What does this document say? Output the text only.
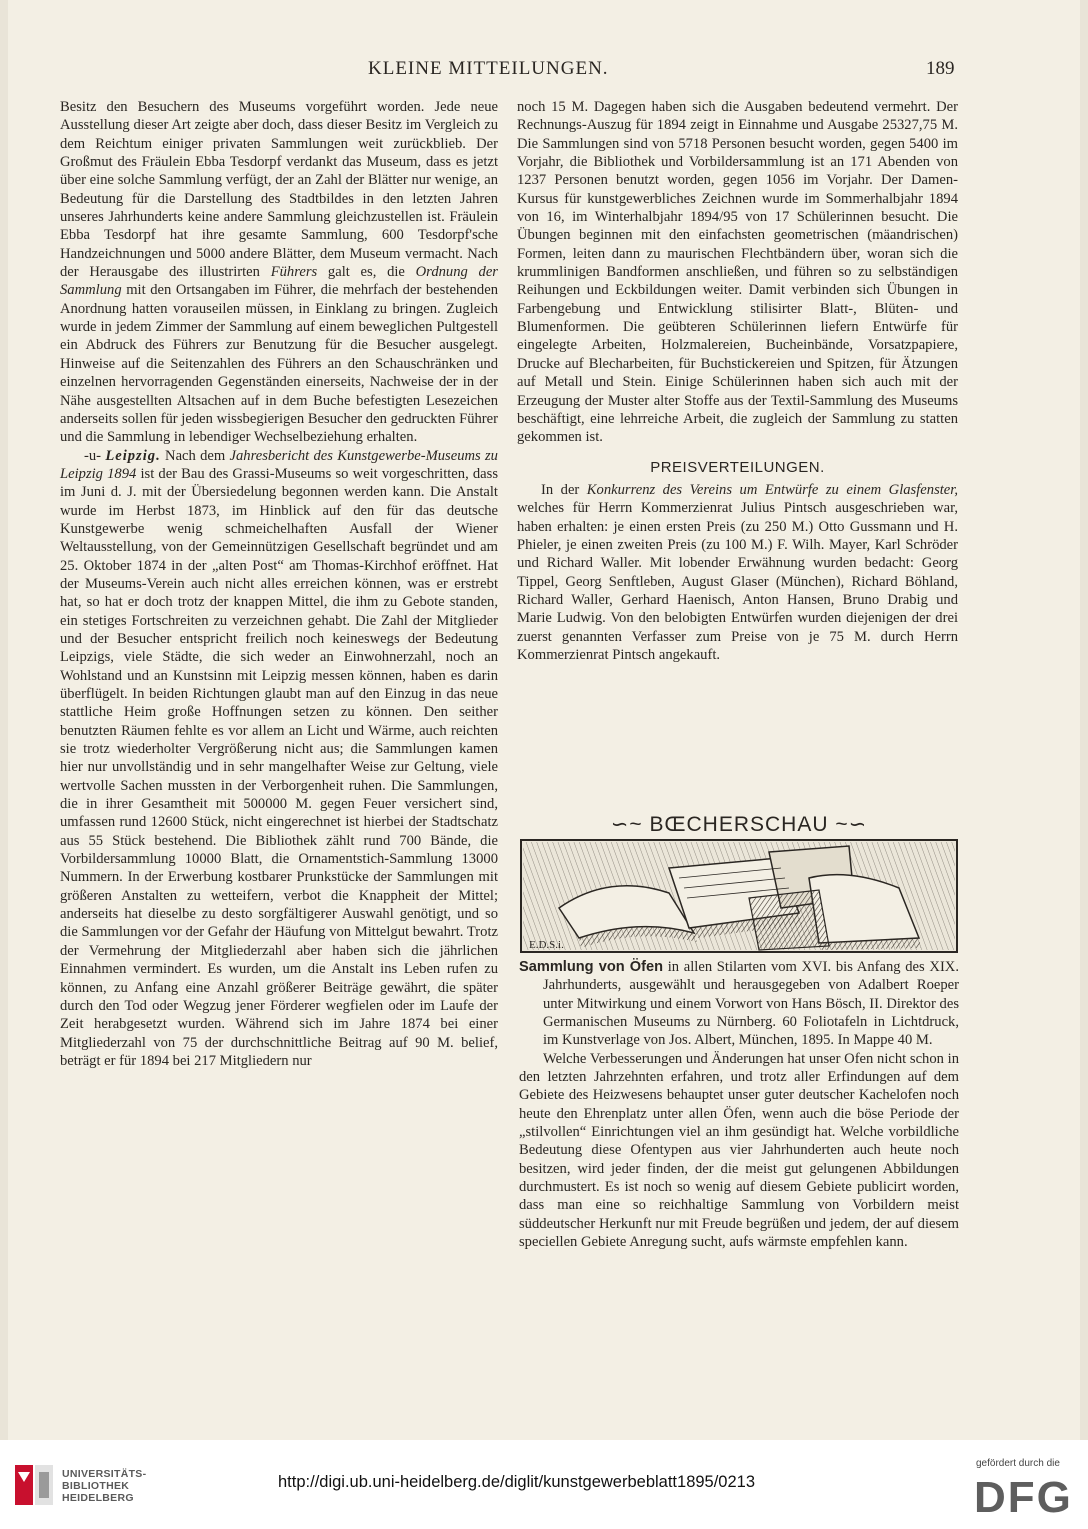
KLEINE MITTEILUNGEN.	189

Besitz den Besuchern des Museums vorgeführt worden. Jede neue Ausstellung dieser Art zeigte aber doch, dass dieser Besitz im Vergleich zu dem Reichtum einiger privaten Sammlungen weit zurückblieb. Der Großmut des Fräulein Ebba Tesdorpf verdankt das Museum, dass es jetzt über eine solche Sammlung verfügt, der an Zahl der Blätter nur wenige, an Bedeutung für die Darstellung des Stadtbildes in den letzten Jahren unseres Jahrhunderts keine andere Sammlung gleichzustellen ist. Fräulein Ebba Tesdorpf hat ihre gesamte Sammlung, 600 Tesdorpf'sche Handzeichnungen und 5000 andere Blätter, dem Museum vermacht. Nach der Herausgabe des illustrirten Führers galt es, die Ordnung der Sammlung mit den Ortsangaben im Führer, die mehrfach der bestehenden Anordnung hatten vorauseilen müssen, in Einklang zu bringen. Zugleich wurde in jedem Zimmer der Sammlung auf einem beweglichen Pultgestell ein Abdruck des Führers zur Benutzung für die Besucher ausgelegt. Hinweise auf die Seitenzahlen des Führers an den Schauschränken und einzelnen hervorragenden Gegenständen einerseits, Nachweise der in der Nähe ausgestellten Altsachen auf in dem Buche befestigten Lesezeichen anderseits sollen für jeden wissbegierigen Besucher den gedruckten Führer und die Sammlung in lebendiger Wechselbeziehung erhalten.

-u- Leipzig. Nach dem Jahresbericht des Kunstgewerbe-Museums zu Leipzig 1894 ist der Bau des Grassi-Museums so weit vorgeschritten, dass im Juni d. J. mit der Übersiedelung begonnen werden kann. Die Anstalt wurde im Herbst 1873, im Hinblick auf den für das deutsche Kunstgewerbe wenig schmeichelhaften Ausfall der Wiener Weltausstellung, von der Gemeinnützigen Gesellschaft begründet und am 25. Oktober 1874 in der „alten Post“ am Thomas-Kirchhof eröffnet. Hat der Museums-Verein auch nicht alles erreichen können, was er erstrebt hat, so hat er doch trotz der knappen Mittel, die ihm zu Gebote standen, ein stetiges Fortschreiten zu verzeichnen gehabt. Die Zahl der Mitglieder und der Besucher entspricht freilich noch keineswegs der Bedeutung Leipzigs, viele Städte, die sich weder an Einwohnerzahl, noch an Wohlstand und an Kunstsinn mit Leipzig messen können, haben es darin überflügelt. In beiden Richtungen glaubt man auf den Einzug in das neue stattliche Heim große Hoffnungen setzen zu können. Den seither benutzten Räumen fehlte es vor allem an Licht und Wärme, auch reichten sie trotz wiederholter Vergrößerung nicht aus; die Sammlungen kamen hier nur unvollständig und in sehr mangelhafter Weise zur Geltung, viele wertvolle Sachen mussten in der Verborgenheit ruhen. Die Sammlungen, die in ihrer Gesamtheit mit 500000 M. gegen Feuer versichert sind, umfassen rund 12600 Stück, nicht eingerechnet ist hierbei der Stadtschatz aus 55 Stück bestehend. Die Bibliothek zählt rund 700 Bände, die Vorbildersammlung 10000 Blatt, die Ornamentstich-Sammlung 13000 Nummern. In der Erwerbung kostbarer Prunkstücke der Sammlungen mit größeren Anstalten zu wetteifern, verbot die Knappheit der Mittel; anderseits hat dieselbe zu desto sorgfältigerer Auswahl genötigt, und so die Sammlungen vor der Gefahr der Häufung von Mittelgut bewahrt. Trotz der Vermehrung der Mitgliederzahl aber haben sich die jährlichen Einnahmen vermindert. Es wurden, um die Anstalt ins Leben rufen zu können, zu Anfang eine Anzahl größerer Beiträge gewährt, die später durch den Tod oder Wegzug jener Förderer wegfielen oder im Laufe der Zeit herabgesetzt wurden. Während sich im Jahre 1874 bei einer Mitgliederzahl von 75 der durchschnittliche Beitrag auf 90 M. belief, beträgt er für 1894 bei 217 Mitgliedern nur

noch 15 M. Dagegen haben sich die Ausgaben bedeutend vermehrt. Der Rechnungs-Auszug für 1894 zeigt in Einnahme und Ausgabe 25327,75 M. Die Sammlungen sind von 5718 Personen besucht worden, gegen 5400 im Vorjahr, die Bibliothek und Vorbildersammlung ist an 171 Abenden von 1237 Personen benutzt worden, gegen 1056 im Vorjahr. Der Damen-Kursus für kunstgewerbliches Zeichnen wurde im Sommerhalbjahr 1894 von 16, im Winterhalbjahr 1894/95 von 17 Schülerinnen besucht. Die Übungen beginnen mit den einfachsten geometrischen (mäandrischen) Formen, leiten dann zu maurischen Flechtbändern über, woran sich die krummlinigen Bandformen anschließen, und führen so zu selbständigen Reihungen und Eckbildungen weiter. Damit verbinden sich Übungen in Farbengebung und Entwicklung stilisirter Blatt-, Blüten- und Blumenformen. Die geübteren Schülerinnen liefern Entwürfe für eingelegte Arbeiten, Holzmalereien, Bucheinbände, Vorsatzpapiere, Drucke auf Blecharbeiten, für Buchstickereien und Spitzen, für Ätzungen auf Metall und Stein. Einige Schülerinnen haben sich auch mit der Erzeugung der Muster alter Stoffe aus der Textil-Sammlung des Museums beschäftigt, eine lehrreiche Arbeit, die zugleich der Sammlung zu statten gekommen ist.

PREISVERTEILUNGEN.

In der Konkurrenz des Vereins um Entwürfe zu einem Glasfenster, welches für Herrn Kommerzienrat Julius Pintsch ausgeschrieben war, haben erhalten: je einen ersten Preis (zu 250 M.) Otto Gussmann und H. Phieler, je einen zweiten Preis (zu 100 M.) F. Wilh. Mayer, Karl Schröder und Richard Waller. Mit lobender Erwähnung wurden bedacht: Georg Tippel, Georg Senftleben, August Glaser (München), Richard Böhland, Richard Waller, Gerhard Haenisch, Anton Hansen, Bruno Drabig und Marie Ludwig. Von den belobigten Entwürfen wurden diejenigen der drei zuerst genannten Verfasser zum Preise von je 75 M. durch Herrn Kommerzienrat Pintsch angekauft.

∽~ BŒCHERSCHAU ~∽
E.D.S.i.

Sammlung von Öfen in allen Stilarten vom XVI. bis Anfang des XIX. Jahrhunderts, ausgewählt und herausgegeben von Adalbert Roeper unter Mitwirkung und einem Vorwort von Hans Bösch, II. Direktor des Germanischen Museums zu Nürnberg. 60 Foliotafeln in Lichtdruck, im Kunstverlage von Jos. Albert, München, 1895. In Mappe 40 M.

Welche Verbesserungen und Änderungen hat unser Ofen nicht schon in den letzten Jahrzehnten erfahren, und trotz aller Erfindungen auf dem Gebiete des Heizwesens behauptet unser guter deutscher Kachelofen noch heute den Ehrenplatz unter allen Öfen, wenn auch die böse Periode der „stilvollen“ Einrichtungen viel an ihm gesündigt hat. Welche vorbildliche Bedeutung diese Ofentypen aus vier Jahrhunderten auch heute noch besitzen, wird jeder finden, der die meist gut gelungenen Abbildungen durchmustert. Es ist noch so wenig auf diesem Gebiete publicirt worden, dass man eine so reichhaltige Sammlung von Vorbildern meist süddeutscher Herkunft nur mit Freude begrüßen und jedem, der auf diesem speciellen Gebiete Anregung sucht, aufs wärmste empfehlen kann.

UNIVERSITÄTS-
BIBLIOTHEK
HEIDELBERG
http://digi.ub.uni-heidelberg.de/diglit/kunstgewerbeblatt1895/0213
gefördert durch die
DFG
